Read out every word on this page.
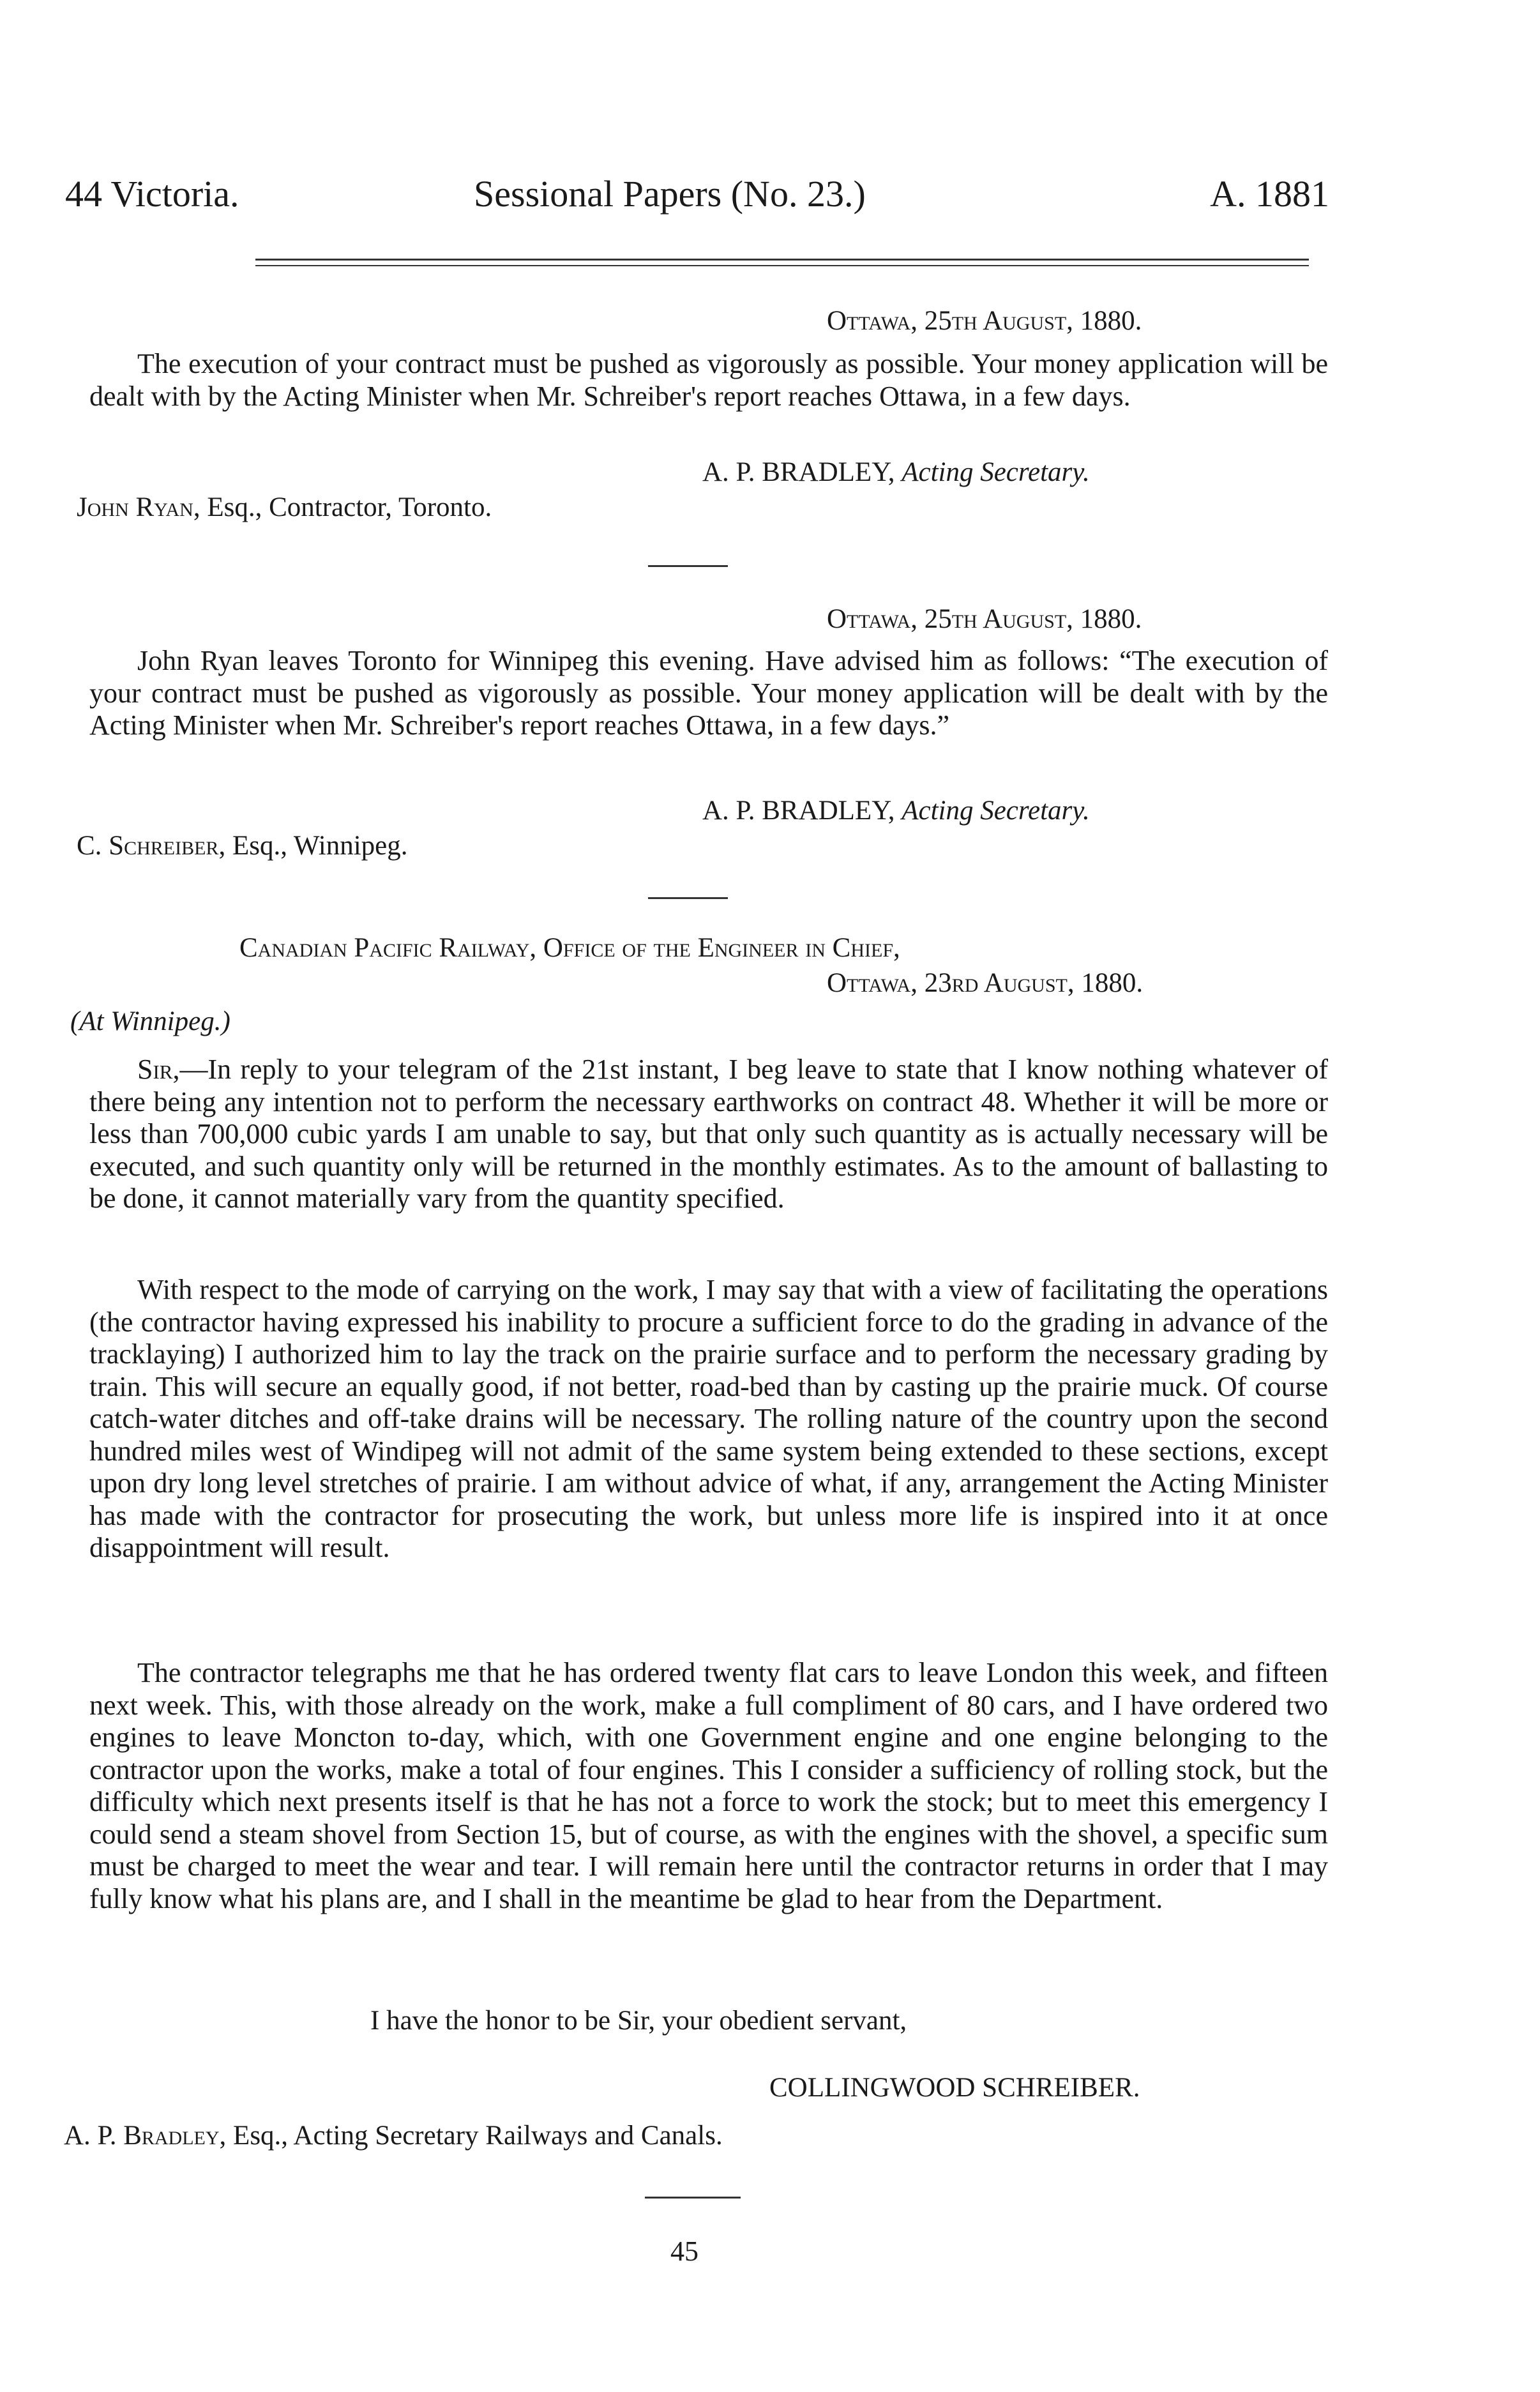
44 Victoria.	Sessional Papers (No. 23.)	A. 1881
Ottawa, 25th August, 1880.
The execution of your contract must be pushed as vigorously as possible. Your money application will be dealt with by the Acting Minister when Mr. Schreiber's report reaches Ottawa, in a few days.
A. P. BRADLEY, Acting Secretary.
John Ryan, Esq., Contractor, Toronto.
Ottawa, 25th August, 1880.
John Ryan leaves Toronto for Winnipeg this evening. Have advised him as follows: “The execution of your contract must be pushed as vigorously as possible. Your money application will be dealt with by the Acting Minister when Mr. Schreiber's report reaches Ottawa, in a few days.”
A. P. BRADLEY, Acting Secretary.
C. Schreiber, Esq., Winnipeg.
Canadian Pacific Railway, Office of the Engineer in Chief,
Ottawa, 23rd August, 1880.
(At Winnipeg.)
Sir,—In reply to your telegram of the 21st instant, I beg leave to state that I know nothing whatever of there being any intention not to perform the necessary earthworks on contract 48. Whether it will be more or less than 700,000 cubic yards I am unable to say, but that only such quantity as is actually necessary will be executed, and such quantity only will be returned in the monthly estimates. As to the amount of ballasting to be done, it cannot materially vary from the quantity specified.
With respect to the mode of carrying on the work, I may say that with a view of facilitating the operations (the contractor having expressed his inability to procure a sufficient force to do the grading in advance of the tracklaying) I authorized him to lay the track on the prairie surface and to perform the necessary grading by train. This will secure an equally good, if not better, road-bed than by casting up the prairie muck. Of course catch-water ditches and off-take drains will be necessary. The rolling nature of the country upon the second hundred miles west of Windipeg will not admit of the same system being extended to these sections, except upon dry long level stretches of prairie. I am without advice of what, if any, arrangement the Acting Minister has made with the contractor for prosecuting the work, but unless more life is inspired into it at once disappointment will result.
The contractor telegraphs me that he has ordered twenty flat cars to leave London this week, and fifteen next week. This, with those already on the work, make a full compliment of 80 cars, and I have ordered two engines to leave Moncton to-day, which, with one Government engine and one engine belonging to the contractor upon the works, make a total of four engines. This I consider a sufficiency of rolling stock, but the difficulty which next presents itself is that he has not a force to work the stock; but to meet this emergency I could send a steam shovel from Section 15, but of course, as with the engines with the shovel, a specific sum must be charged to meet the wear and tear. I will remain here until the contractor returns in order that I may fully know what his plans are, and I shall in the meantime be glad to hear from the Department.
I have the honor to be Sir, your obedient servant,
COLLINGWOOD SCHREIBER.
A. P. Bradley, Esq., Acting Secretary Railways and Canals.
45
